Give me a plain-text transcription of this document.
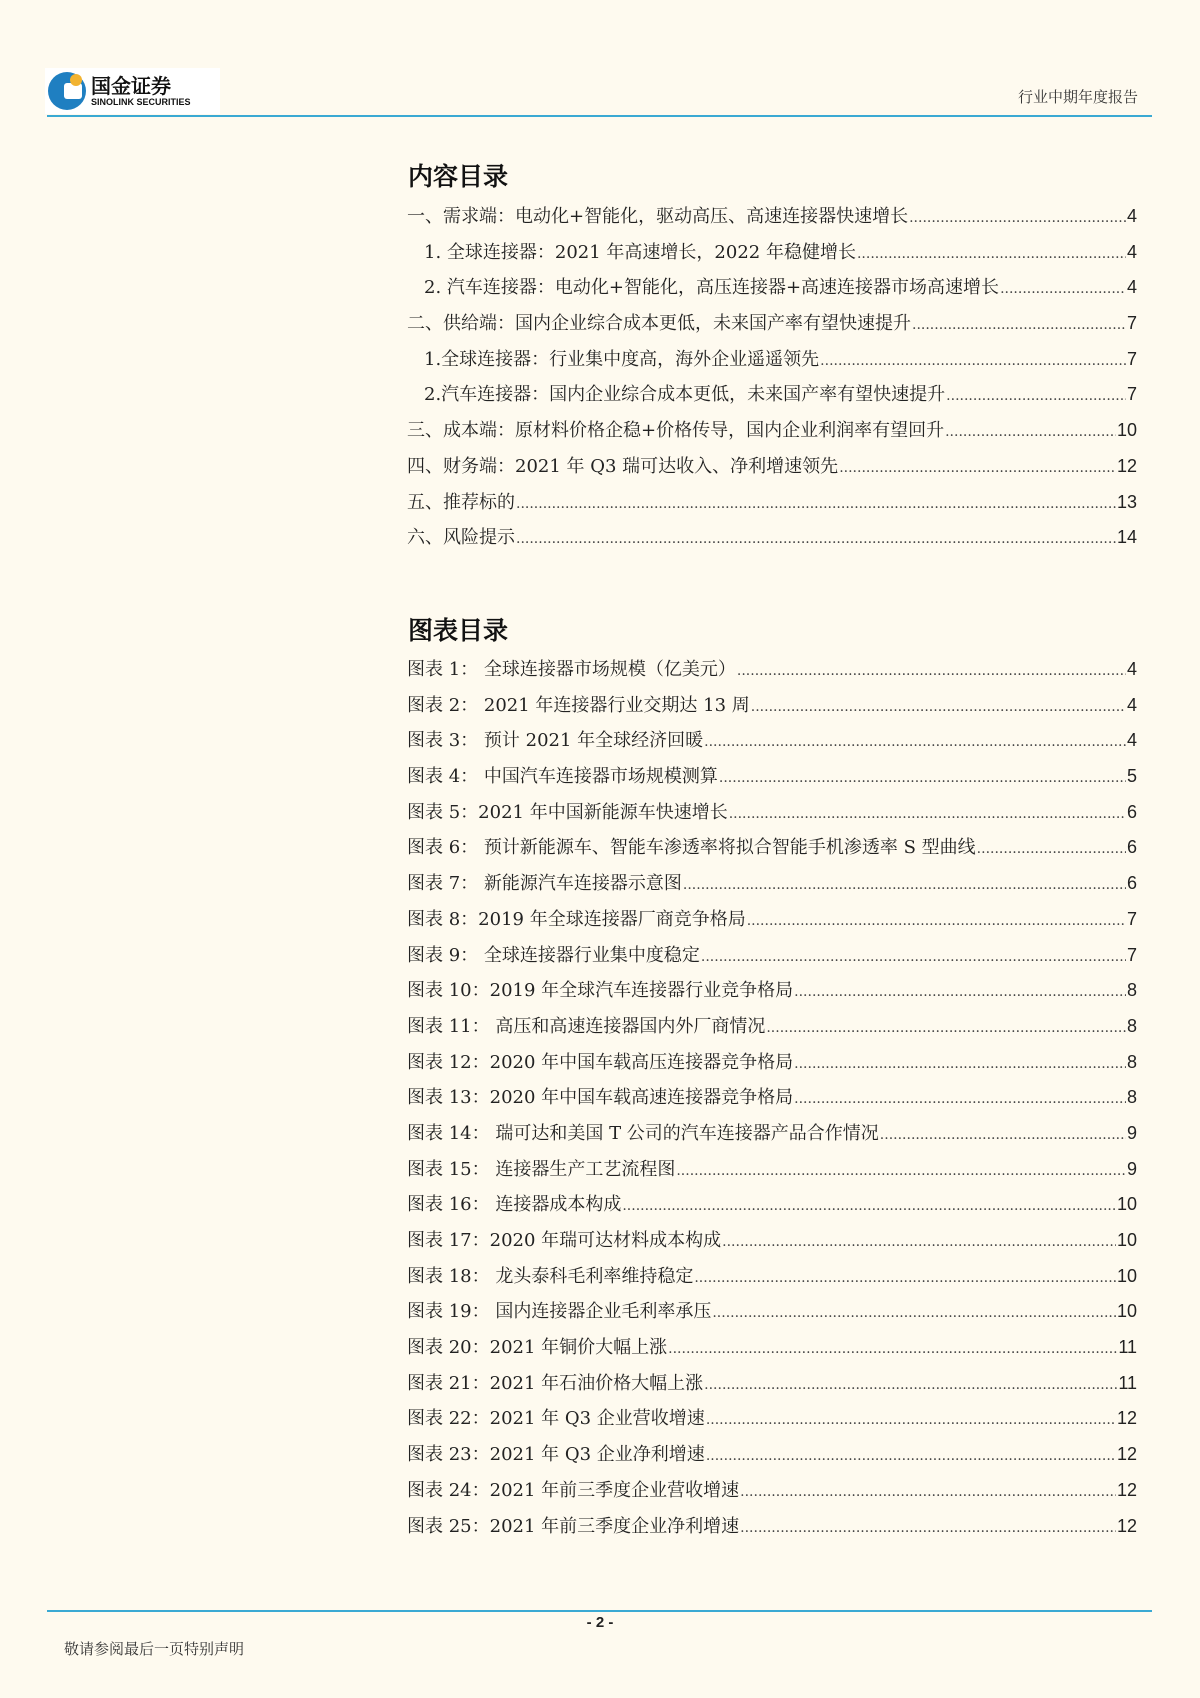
国金证券
SINOLINK SECURITIES	行业中期年度报告
内容目录
一、需求端：电动化+智能化，驱动高压、高速连接器快速增长 .....	4
1. 全球连接器：2021 年高速增长，2022 年稳健增长 .....	4
2. 汽车连接器：电动化+智能化，高压连接器+高速连接器市场高速增长 .....	4
二、供给端：国内企业综合成本更低，未来国产率有望快速提升 .....	7
1.全球连接器：行业集中度高，海外企业遥遥领先 .....	7
2.汽车连接器：国内企业综合成本更低，未来国产率有望快速提升 .....	7
三、成本端：原材料价格企稳+价格传导，国内企业利润率有望回升 .....	10
四、财务端：2021 年 Q3 瑞可达收入、净利增速领先 .....	12
五、推荐标的 .....	13
六、风险提示 .....	14
图表目录
图表 1： 全球连接器市场规模（亿美元） .....	4
图表 2： 2021 年连接器行业交期达 13 周 .....	4
图表 3： 预计 2021 年全球经济回暖 .....	4
图表 4： 中国汽车连接器市场规模测算 .....	5
图表 5：2021 年中国新能源车快速增长 .....	6
图表 6： 预计新能源车、智能车渗透率将拟合智能手机渗透率 S 型曲线 .....	6
图表 7： 新能源汽车连接器示意图 .....	6
图表 8：2019 年全球连接器厂商竞争格局 .....	7
图表 9： 全球连接器行业集中度稳定 .....	7
图表 10：2019 年全球汽车连接器行业竞争格局 .....	8
图表 11： 高压和高速连接器国内外厂商情况 .....	8
图表 12：2020 年中国车载高压连接器竞争格局 .....	8
图表 13：2020 年中国车载高速连接器竞争格局 .....	8
图表 14： 瑞可达和美国 T 公司的汽车连接器产品合作情况 .....	9
图表 15： 连接器生产工艺流程图 .....	9
图表 16： 连接器成本构成 .....	10
图表 17：2020 年瑞可达材料成本构成 .....	10
图表 18： 龙头泰科毛利率维持稳定 .....	10
图表 19： 国内连接器企业毛利率承压 .....	10
图表 20：2021 年铜价大幅上涨 .....	11
图表 21：2021 年石油价格大幅上涨 .....	11
图表 22：2021 年 Q3 企业营收增速 .....	12
图表 23：2021 年 Q3 企业净利增速 .....	12
图表 24：2021 年前三季度企业营收增速 .....	12
图表 25：2021 年前三季度企业净利增速 .....	12
- 2 -
敬请参阅最后一页特别声明
